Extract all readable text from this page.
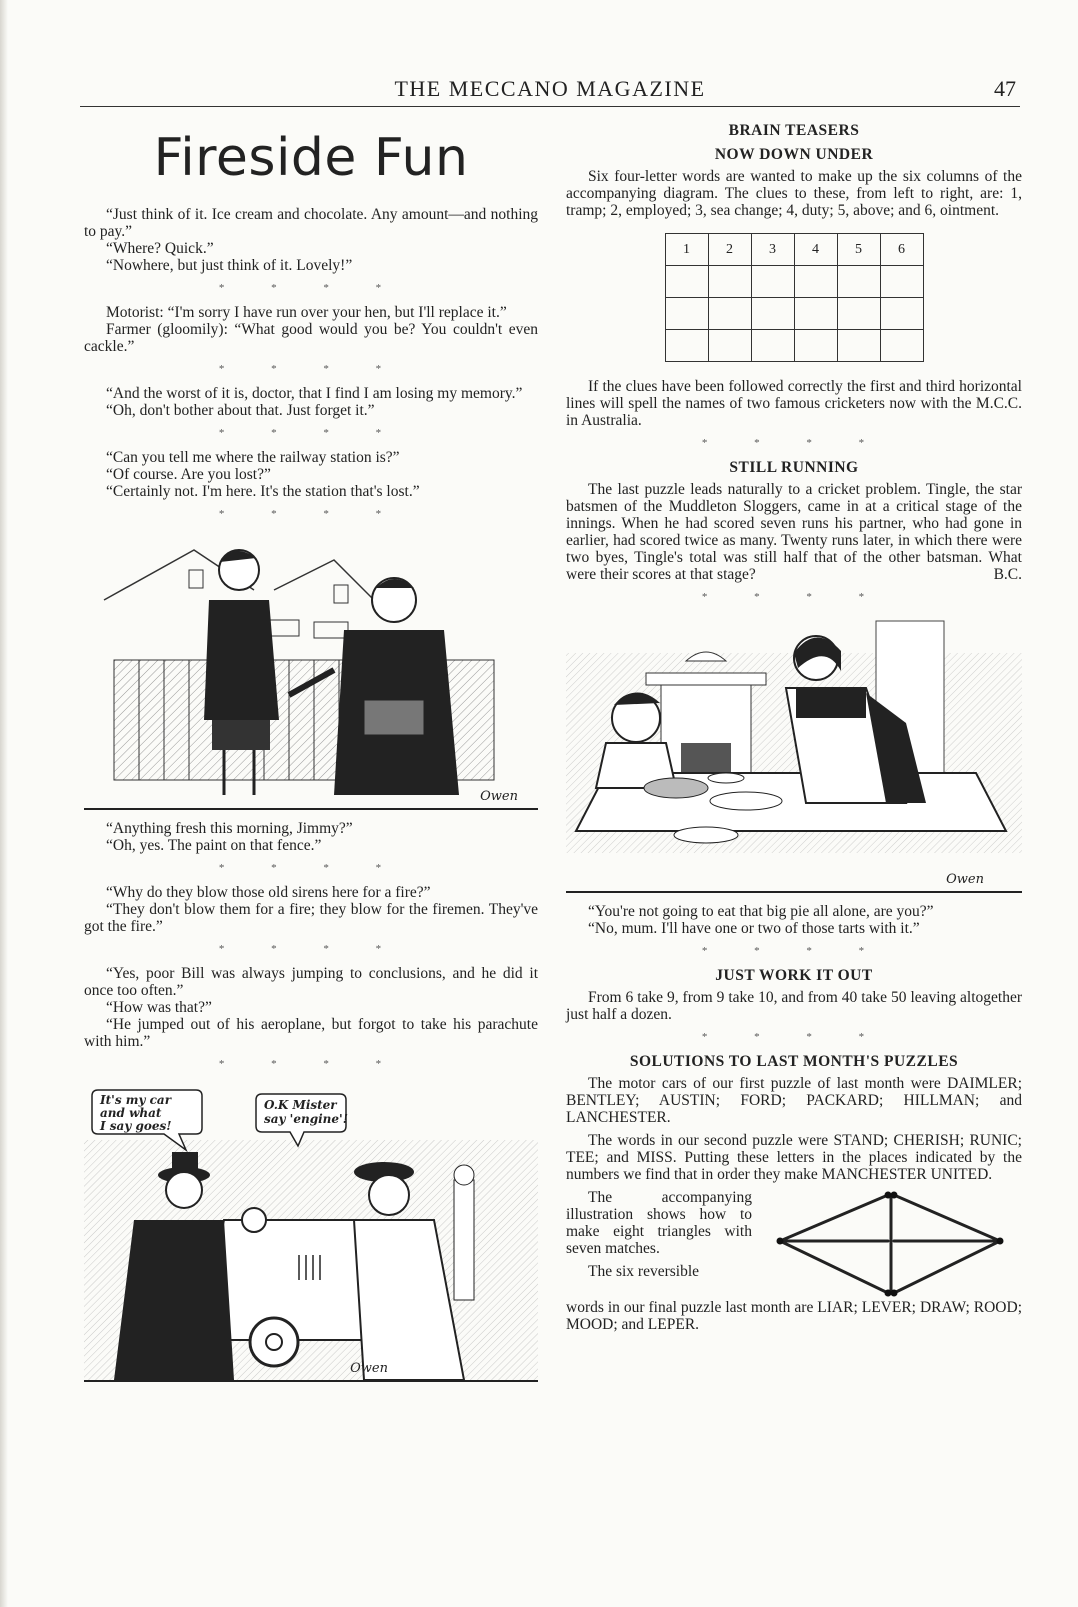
THE MECCANO MAGAZINE	47
Fireside Fun

“Just think of it. Ice cream and chocolate. Any amount—and nothing to pay.”

“Where? Quick.”

“Nowhere, but just think of it. Lovely!”

* * * *

Motorist: “I'm sorry I have run over your hen, but I'll replace it.”

Farmer (gloomily): “What good would you be? You couldn't even cackle.”

* * * *

“And the worst of it is, doctor, that I find I am losing my memory.”

“Oh, don't bother about that. Just forget it.”

* * * *

“Can you tell me where the railway station is?”

“Of course. Are you lost?”

“Certainly not. I'm here. It's the station that's lost.”

* * * *
Owen

“Anything fresh this morning, Jimmy?”

“Oh, yes. The paint on that fence.”

* * * *

“Why do they blow those old sirens here for a fire?”

“They don't blow them for a fire; they blow for the firemen. They've got the fire.”

* * * *

“Yes, poor Bill was always jumping to conclusions, and he did it once too often.”

“How was that?”

“He jumped out of his aeroplane, but forgot to take his parachute with him.”

* * * *
It's my car
and what
I say goes!
O.K Mister
say 'engine'!
Owen
BRAIN TEASERS
NOW DOWN UNDER

Six four-letter words are wanted to make up the six columns of the accompanying diagram. The clues to these, from left to right, are: 1, tramp; 2, employed; 3, sea change; 4, duty; 5, above; and 6, ointment.

1	2	3	4	5	6

If the clues have been followed correctly the first and third horizontal lines will spell the names of two famous cricketers now with the M.C.C. in Australia.

* * * *
STILL RUNNING

The last puzzle leads naturally to a cricket problem. Tingle, the star batsmen of the Muddleton Sloggers, came in at a critical stage of the innings. When he had scored seven runs his partner, who had gone in earlier, had scored twice as many. Twenty runs later, in which there were two byes, Tingle's total was still half that of the other batsman. What were their scores at that stage?	B.C.

* * * *
Owen

“You're not going to eat that big pie all alone, are you?”

“No, mum. I'll have one or two of those tarts with it.”

* * * *
JUST WORK IT OUT

From 6 take 9, from 9 take 10, and from 40 take 50 leaving altogether just half a dozen.

* * * *
SOLUTIONS TO LAST MONTH'S PUZZLES

The motor cars of our first puzzle of last month were DAIMLER; BENTLEY; AUSTIN; FORD; PACKARD; HILLMAN; and LANCHESTER.

The words in our second puzzle were STAND; CHERISH; RUNIC; TEE; and MISS. Putting these letters in the places indicated by the numbers we find that in order they make MANCHESTER UNITED.

The accompanying illustration shows how to make eight triangles with seven matches.

The six reversible

words in our final puzzle last month are LIAR; LEVER; DRAW; ROOD; MOOD; and LEPER.
